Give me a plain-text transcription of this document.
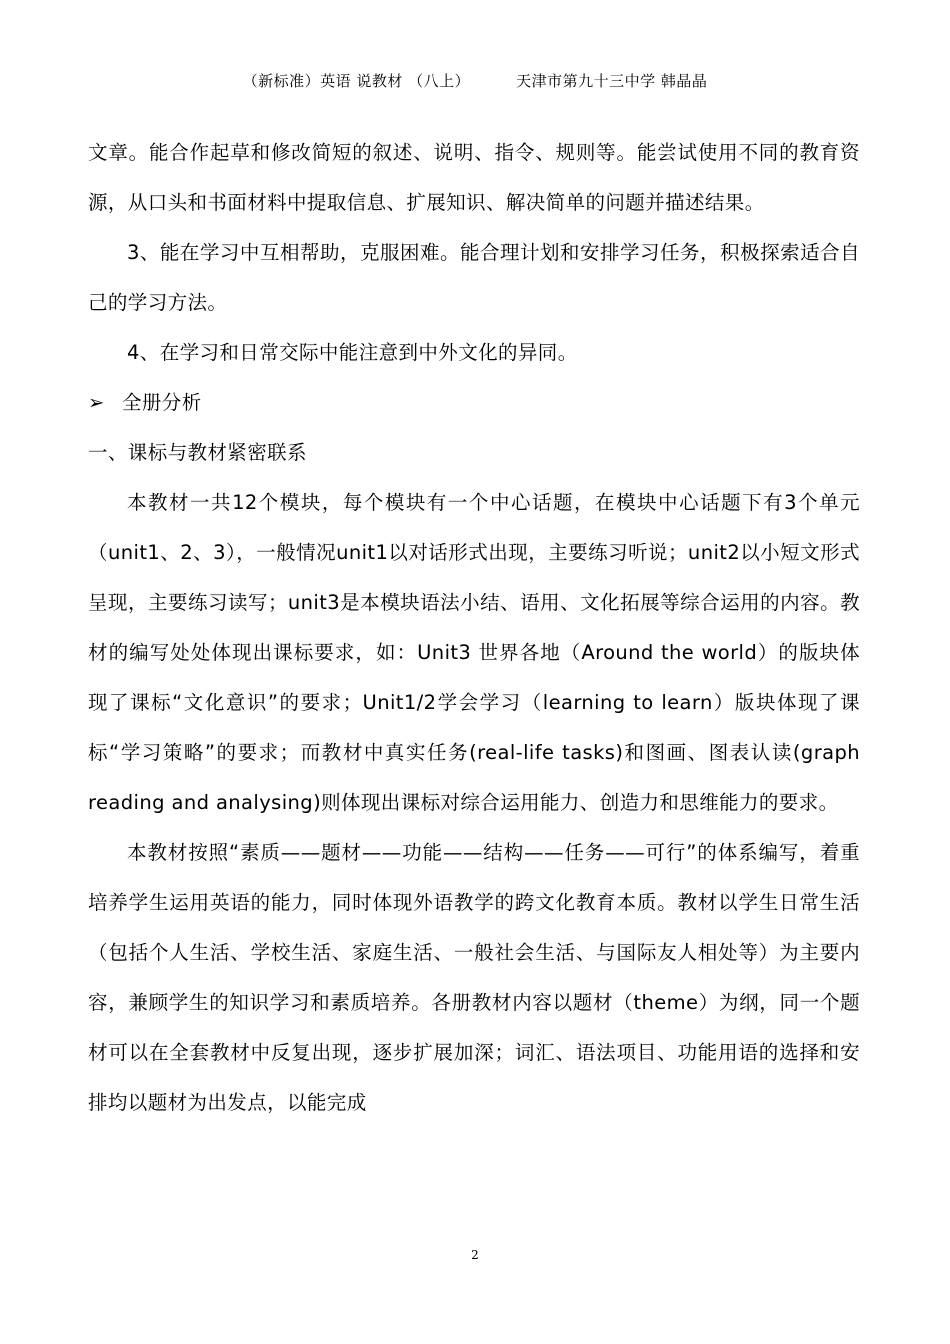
（新标准）英语 说教材 （八上）	天津市第九十三中学 韩晶晶

文章。能合作起草和修改简短的叙述、说明、指令、规则等。能尝试使用不同的教育资源，从口头和书面材料中提取信息、扩展知识、解决简单的问题并描述结果。

3、能在学习中互相帮助，克服困难。能合理计划和安排学习任务，积极探索适合自己的学习方法。

4、在学习和日常交际中能注意到中外文化的异同。

➢ 全册分析

一、课标与教材紧密联系

本教材一共12个模块，每个模块有一个中心话题，在模块中心话题下有3个单元（unit1、2、3），一般情况unit1以对话形式出现，主要练习听说；unit2以小短文形式呈现，主要练习读写；unit3是本模块语法小结、语用、文化拓展等综合运用的内容。教材的编写处处体现出课标要求，如：Unit3 世界各地（Around the world）的版块体现了课标“文化意识”的要求；Unit1/2学会学习（learning to learn）版块体现了课标“学习策略”的要求；而教材中真实任务(real-life tasks)和图画、图表认读(graph reading and analysing)则体现出课标对综合运用能力、创造力和思维能力的要求。

本教材按照“素质——题材——功能——结构——任务——可行”的体系编写，着重培养学生运用英语的能力，同时体现外语教学的跨文化教育本质。教材以学生日常生活（包括个人生活、学校生活、家庭生活、一般社会生活、与国际友人相处等）为主要内容，兼顾学生的知识学习和素质培养。各册教材内容以题材（theme）为纲，同一个题材可以在全套教材中反复出现，逐步扩展加深；词汇、语法项目、功能用语的选择和安排均以题材为出发点，以能完成

2
